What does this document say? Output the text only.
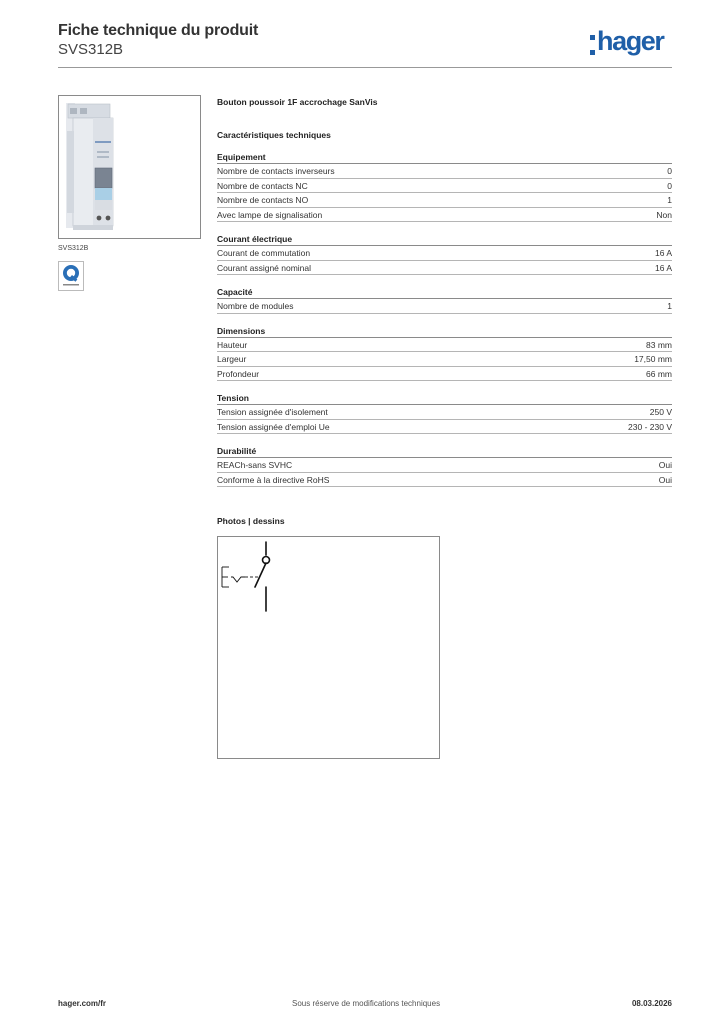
Fiche technique du produit
SVS312B	hager
SVS312B
Bouton poussoir 1F accrochage SanVis
Caractéristiques techniques
Equipement
Nombre de contacts inverseurs	0
Nombre de contacts NC	0
Nombre de contacts NO	1
Avec lampe de signalisation	Non
Courant électrique
Courant de commutation	16 A
Courant assigné nominal	16 A
Capacité
Nombre de modules	1
Dimensions
Hauteur	83 mm
Largeur	17,50 mm
Profondeur	66 mm
Tension
Tension assignée d'isolement	250 V
Tension assignée d'emploi Ue	230 - 230 V
Durabilité
REACh-sans SVHC	Oui
Conforme à la directive RoHS	Oui
Photos | dessins
hager.com/fr	Sous réserve de modifications techniques	08.03.2026
